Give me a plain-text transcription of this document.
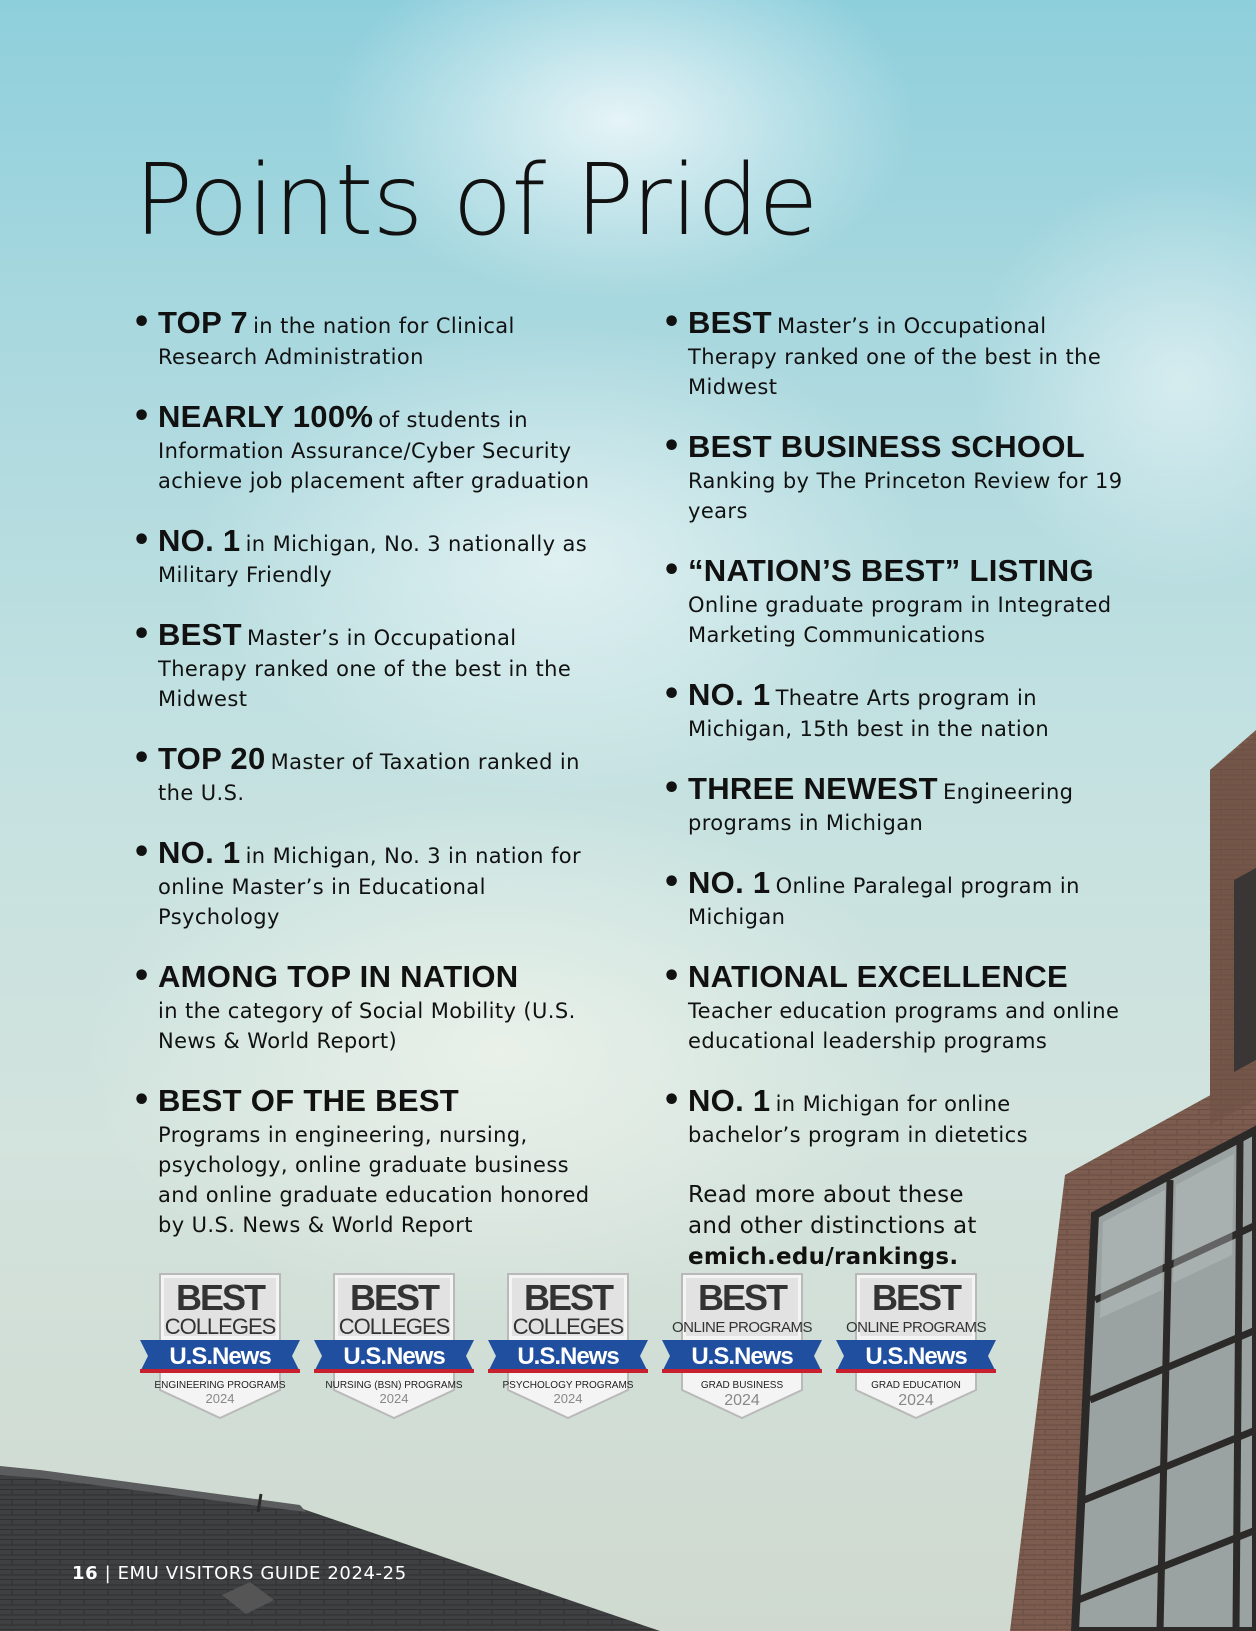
Points of Pride
• TOP 7 in the nation for Clinical Research Administration
• NEARLY 100% of students in Information Assurance/Cyber Security achieve job placement after graduation
• NO. 1 in Michigan, No. 3 nationally as Military Friendly
• BEST Master’s in Occupational Therapy ranked one of the best in the Midwest
• TOP 20 Master of Taxation ranked in the U.S.
• NO. 1 in Michigan, No. 3 in nation for online Master’s in Educational Psychology
• AMONG TOP IN NATION
in the category of Social Mobility (U.S. News & World Report)
• BEST OF THE BEST
Programs in engineering, nursing, psychology, online graduate business and online graduate education honored by U.S. News & World Report
• BEST Master’s in Occupational Therapy ranked one of the best in the Midwest
• BEST BUSINESS SCHOOL
Ranking by The Princeton Review for 19 years
• “NATION’S BEST” LISTING
Online graduate program in Integrated Marketing Communications
• NO. 1 Theatre Arts program in Michigan, 15th best in the nation
• THREE NEWEST Engineering programs in Michigan
• NO. 1 Online Paralegal program in Michigan
• NATIONAL EXCELLENCE
Teacher education programs and online educational leadership programs
• NO. 1 in Michigan for online bachelor’s program in dietetics
Read more about these
and other distinctions at
emich.edu/rankings.
BEST
COLLEGES
U.S.News
ENGINEERING PROGRAMS
2024
BEST
COLLEGES
U.S.News
NURSING (BSN) PROGRAMS
2024
BEST
COLLEGES
U.S.News
PSYCHOLOGY PROGRAMS
2024
BEST
ONLINE PROGRAMS
U.S.News
GRAD BUSINESS
2024
BEST
ONLINE PROGRAMS
U.S.News
GRAD EDUCATION
2024
16 | EMU VISITORS GUIDE 2024-25
